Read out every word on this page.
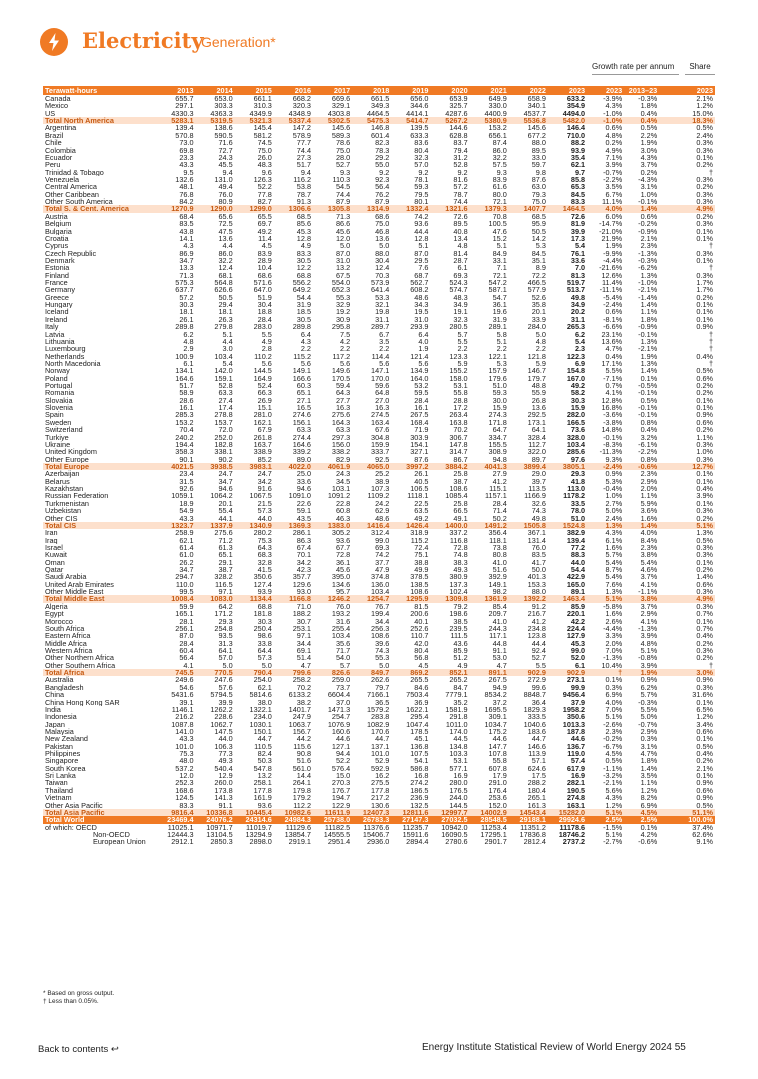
Electricity
Generation*
Growth rate per annum	Share
Terawatt-hours	2013	2014	2015	2016	2017	2018	2019	2020	2021	2022	2023	2023	2013–23	2023
Canada	655.7	653.0	661.1	668.2	669.6	661.5	656.0	653.9	649.9	658.9	633.2	-3.9%	-0.3%	2.1%
Mexico	297.1	303.3	310.3	320.3	329.1	349.3	344.6	325.7	330.0	340.1	354.9	4.3%	1.8%	1.2%
US	4330.3	4363.3	4349.9	4348.9	4303.8	4464.5	4414.1	4287.6	4400.9	4537.7	4494.0	-1.0%	0.4%	15.0%
Total North America	5283.1	5319.5	5321.3	5337.4	5302.5	5475.3	5414.7	5267.2	5380.9	5536.8	5482.0	-1.0%	0.4%	18.3%
Argentina	139.4	138.6	145.4	147.2	145.6	146.8	139.5	144.6	153.2	145.6	146.4	0.6%	0.5%	0.5%
Brazil	570.8	590.5	581.2	578.9	589.3	601.4	633.3	628.8	656.1	677.2	710.0	4.8%	2.2%	2.4%
Chile	73.0	71.6	74.5	77.7	78.6	82.3	83.6	83.7	87.4	88.0	88.2	0.2%	1.9%	0.3%
Colombia	69.8	72.7	75.0	74.4	75.0	78.3	80.4	79.4	86.0	89.5	93.9	4.9%	3.0%	0.3%
Ecuador	23.3	24.3	26.0	27.3	28.0	29.2	32.3	31.2	32.2	33.0	35.4	7.1%	4.3%	0.1%
Peru	43.3	45.5	48.3	51.7	52.7	55.0	57.0	52.8	57.5	59.7	62.1	3.9%	3.7%	0.2%
Trinidad & Tobago	9.5	9.4	9.6	9.4	9.3	9.2	9.2	9.2	9.3	9.8	9.7	-0.7%	0.2%	†
Venezuela	132.6	131.0	126.3	116.2	110.3	92.3	78.1	81.6	83.9	87.6	85.8	-2.2%	-4.3%	0.3%
Central America	48.1	49.4	52.2	53.8	54.5	56.4	59.3	57.2	61.6	63.0	65.3	3.5%	3.1%	0.2%
Other Caribbean	76.8	76.0	77.8	78.7	74.4	76.2	79.5	78.7	80.0	79.3	84.5	6.7%	1.0%	0.3%
Other South America	84.2	80.9	82.7	91.3	87.9	87.9	80.1	74.4	72.1	75.0	83.3	11.1%	-0.1%	0.3%
Total S. & Cent. America	1270.9	1290.0	1299.0	1306.6	1305.8	1314.9	1332.4	1321.6	1379.3	1407.7	1464.5	4.0%	1.4%	4.9%
Austria	68.4	65.6	65.5	68.5	71.3	68.6	74.2	72.6	70.8	68.5	72.6	6.0%	0.6%	0.2%
Belgium	83.5	72.5	69.7	85.6	86.6	75.0	93.6	89.5	100.5	95.9	81.9	-14.7%	-0.2%	0.3%
Bulgaria	43.8	47.5	49.2	45.3	45.6	46.8	44.4	40.8	47.6	50.5	39.9	-21.0%	-0.9%	0.1%
Croatia	14.1	13.6	11.4	12.8	12.0	13.6	12.8	13.4	15.2	14.2	17.3	21.9%	2.1%	0.1%
Cyprus	4.3	4.4	4.5	4.9	5.0	5.0	5.1	4.8	5.1	5.3	5.4	1.9%	2.3%	†
Czech Republic	86.9	86.0	83.9	83.3	87.0	88.0	87.0	81.4	84.9	84.5	76.1	-9.9%	-1.3%	0.3%
Denmark	34.7	32.2	28.9	30.5	31.0	30.4	29.5	28.7	33.1	35.1	33.6	-4.4%	-0.3%	0.1%
Estonia	13.3	12.4	10.4	12.2	13.2	12.4	7.6	6.1	7.1	8.9	7.0	-21.6%	-6.2%	†
Finland	71.3	68.1	68.6	68.8	67.5	70.3	68.7	69.3	72.1	72.2	81.3	12.6%	1.3%	0.3%
France	575.3	564.8	571.6	556.2	554.0	573.9	562.7	524.3	547.2	466.5	519.7	11.4%	-1.0%	1.7%
Germany	637.7	626.6	647.0	649.2	652.3	641.4	608.2	574.7	587.1	577.9	513.7	-11.1%	-2.1%	1.7%
Greece	57.2	50.5	51.9	54.4	55.3	53.3	48.6	48.3	54.7	52.6	49.8	-5.4%	-1.4%	0.2%
Hungary	30.3	29.4	30.4	31.9	32.9	32.1	34.3	34.9	36.1	35.8	34.9	-2.4%	1.4%	0.1%
Iceland	18.1	18.1	18.8	18.5	19.2	19.8	19.5	19.1	19.6	20.1	20.2	0.6%	1.1%	0.1%
Ireland	26.1	26.3	28.4	30.5	30.9	31.1	31.0	32.3	31.9	33.9	31.1	-8.1%	1.8%	0.1%
Italy	289.8	279.8	283.0	289.8	295.8	289.7	293.9	280.5	289.1	284.0	265.3	-6.6%	-0.9%	0.9%
Latvia	6.2	5.1	5.5	6.4	7.5	6.7	6.4	5.7	5.8	5.0	6.2	23.1%	-0.1%	†
Lithuania	4.8	4.4	4.9	4.3	4.2	3.5	4.0	5.5	5.1	4.8	5.4	13.6%	1.3%	†
Luxembourg	2.9	3.0	2.8	2.2	2.2	2.2	1.9	2.2	2.2	2.2	2.3	4.7%	-2.1%	†
Netherlands	100.9	103.4	110.2	115.2	117.2	114.4	121.4	123.3	122.1	121.8	122.3	0.4%	1.9%	0.4%
North Macedonia	6.1	5.4	5.6	5.6	5.6	5.6	5.6	5.9	5.3	5.9	6.9	17.1%	1.3%	†
Norway	134.1	142.0	144.5	149.1	149.6	147.1	134.9	155.2	157.9	146.7	154.8	5.5%	1.4%	0.5%
Poland	164.6	159.1	164.9	166.6	170.5	170.0	164.0	158.0	179.6	179.7	167.0	-7.1%	0.1%	0.6%
Portugal	51.7	52.8	52.4	60.3	59.4	59.6	53.2	53.1	51.0	48.8	49.2	0.7%	-0.5%	0.2%
Romania	58.9	63.3	66.3	65.1	64.3	64.8	59.5	55.8	59.3	55.9	58.2	4.1%	-0.1%	0.2%
Slovakia	28.6	27.4	26.9	27.1	27.7	27.0	28.4	28.8	30.0	26.8	30.3	12.8%	0.5%	0.1%
Slovenia	16.1	17.4	15.1	16.5	16.3	16.3	16.1	17.2	15.9	13.6	15.9	16.8%	-0.1%	0.1%
Spain	285.3	278.8	281.0	274.6	275.6	274.5	267.5	263.4	274.3	292.5	282.0	-3.6%	-0.1%	0.9%
Sweden	153.2	153.7	162.1	156.1	164.3	163.4	168.4	163.8	171.8	173.1	166.5	-3.8%	0.8%	0.6%
Switzerland	70.4	72.0	67.9	63.3	63.3	67.6	71.9	70.2	64.7	64.1	73.6	14.8%	0.4%	0.2%
Turkiye	240.2	252.0	261.8	274.4	297.3	304.8	303.9	306.7	334.7	328.4	328.0	-0.1%	3.2%	1.1%
Ukraine	194.4	182.8	163.7	164.6	156.0	159.9	154.1	147.8	155.5	112.7	103.4	-8.3%	-6.1%	0.3%
United Kingdom	358.3	338.1	338.9	339.2	338.2	333.7	327.1	314.7	308.9	322.0	285.6	-11.3%	-2.2%	1.0%
Other Europe	90.1	90.2	85.2	89.0	82.9	92.5	87.6	86.7	94.8	89.7	97.6	9.3%	0.8%	0.3%
Total Europe	4021.5	3938.5	3983.1	4022.0	4061.9	4065.0	3997.2	3884.2	4041.3	3899.4	3805.1	-2.4%	-0.6%	12.7%
Azerbaijan	23.4	24.7	24.7	25.0	24.3	25.2	26.1	25.8	27.9	29.0	29.3	0.9%	2.3%	0.1%
Belarus	31.5	34.7	34.2	33.6	34.5	38.9	40.5	38.7	41.2	39.7	41.8	5.3%	2.9%	0.1%
Kazakhstan	92.6	94.6	91.6	94.6	103.1	107.3	106.5	108.6	115.1	113.5	113.0	-0.4%	2.0%	0.4%
Russian Federation	1059.1	1064.2	1067.5	1091.0	1091.2	1109.2	1118.1	1085.4	1157.1	1166.9	1178.2	1.0%	1.1%	3.9%
Turkmenistan	18.9	20.1	21.5	22.6	22.8	24.2	22.5	25.8	28.4	32.6	33.5	2.7%	5.9%	0.1%
Uzbekistan	54.9	55.4	57.3	59.1	60.8	62.9	63.5	66.5	71.4	74.3	78.0	5.0%	3.6%	0.3%
Other CIS	43.3	44.1	44.0	43.5	46.3	48.6	49.2	49.1	50.2	49.8	51.0	2.4%	1.6%	0.2%
Total CIS	1323.7	1337.9	1340.9	1369.3	1383.0	1416.4	1426.4	1400.0	1491.2	1505.8	1524.8	1.3%	1.4%	5.1%
Iran	258.9	275.6	280.2	286.1	305.2	312.4	318.9	337.2	356.4	367.1	382.9	4.3%	4.0%	1.3%
Iraq	62.1	71.2	75.3	86.3	93.6	99.0	115.2	116.8	118.1	131.4	139.4	6.1%	8.4%	0.5%
Israel	61.4	61.3	64.3	67.4	67.7	69.3	72.4	72.8	73.8	76.0	77.2	1.6%	2.3%	0.3%
Kuwait	61.0	65.1	68.3	70.1	72.8	74.2	75.1	74.8	80.8	83.5	88.3	5.7%	3.8%	0.3%
Oman	26.2	29.1	32.8	34.2	36.1	37.7	38.8	38.3	41.0	41.7	44.0	5.4%	5.4%	0.1%
Qatar	34.7	38.7	41.5	42.3	45.6	47.9	49.9	49.3	51.6	50.0	54.4	8.7%	4.6%	0.2%
Saudi Arabia	294.7	328.2	350.6	357.7	395.0	374.8	378.5	380.9	392.9	401.3	422.9	5.4%	3.7%	1.4%
United Arab Emirates	110.0	116.5	127.4	129.6	134.6	136.0	138.5	137.3	149.1	153.3	165.0	7.6%	4.1%	0.6%
Other Middle East	99.5	97.1	93.9	93.0	95.7	103.4	108.6	102.4	98.2	88.0	89.1	1.3%	-1.1%	0.3%
Total Middle East	1008.4	1083.0	1134.4	1166.8	1246.2	1254.7	1295.9	1309.8	1361.9	1392.2	1463.4	5.1%	3.8%	4.9%
Algeria	59.9	64.2	68.8	71.0	76.0	76.7	81.5	79.2	85.4	91.2	85.9	-5.8%	3.7%	0.3%
Egypt	165.1	171.2	181.8	188.2	193.2	199.4	200.6	198.6	209.7	216.7	220.1	1.6%	2.9%	0.7%
Morocco	28.1	29.3	30.3	30.7	31.6	34.4	40.1	38.5	41.0	41.2	42.2	2.6%	4.1%	0.1%
South Africa	256.1	254.8	250.4	253.1	255.4	256.3	252.6	239.5	244.3	234.8	224.4	-4.4%	-1.3%	0.7%
Eastern Africa	87.0	93.5	98.6	97.1	103.4	108.6	110.7	111.5	117.1	123.8	127.9	3.3%	3.9%	0.4%
Middle Africa	28.4	31.3	33.8	34.4	35.6	39.6	42.0	43.6	44.8	44.4	45.3	2.0%	4.8%	0.2%
Western Africa	60.4	64.1	64.4	69.1	71.7	74.3	80.4	85.9	91.1	92.4	99.0	7.0%	5.1%	0.3%
Other Northern Africa	56.4	57.0	57.3	51.4	54.0	55.3	56.8	51.2	53.0	52.7	52.0	-1.3%	-0.8%	0.2%
Other Southern Africa	4.1	5.0	5.0	4.7	5.7	5.0	4.5	4.9	4.7	5.5	6.1	10.4%	3.9%	†
Total Africa	745.5	770.5	790.4	799.6	826.6	849.7	869.2	852.1	891.1	902.9	902.9	†	1.9%	3.0%
Australia	249.6	247.6	254.0	258.2	259.0	262.6	265.5	265.2	267.5	272.9	273.1	0.1%	0.9%	0.9%
Bangladesh	54.6	57.6	62.1	70.2	73.7	79.7	84.6	84.7	94.9	99.6	99.9	0.3%	6.2%	0.3%
China	5431.6	5794.5	5814.6	6133.2	6604.4	7166.1	7503.4	7779.1	8534.2	8848.7	9456.4	6.9%	5.7%	31.6%
China Hong Kong SAR	39.1	39.9	38.0	38.2	37.0	36.5	36.9	35.2	37.2	36.4	37.9	4.0%	-0.3%	0.1%
India	1146.1	1262.2	1322.1	1401.7	1471.3	1579.2	1622.1	1581.9	1695.5	1829.3	1958.2	7.0%	5.5%	6.5%
Indonesia	216.2	228.6	234.0	247.9	254.7	283.8	295.4	291.8	309.1	333.5	350.6	5.1%	5.0%	1.2%
Japan	1087.8	1062.7	1030.1	1063.7	1076.9	1082.9	1047.4	1011.0	1034.7	1040.6	1013.3	-2.6%	-0.7%	3.4%
Malaysia	141.0	147.5	150.1	156.7	160.6	170.6	178.5	174.0	175.2	183.6	187.8	2.3%	2.9%	0.6%
New Zealand	43.3	44.0	44.7	44.2	44.6	44.7	45.1	44.5	44.6	44.7	44.6	-0.2%	0.3%	0.1%
Pakistan	101.0	106.3	110.5	115.6	127.1	137.1	136.8	134.8	147.7	146.6	136.7	-6.7%	3.1%	0.5%
Philippines	75.3	77.3	82.4	90.8	94.4	101.0	107.5	103.3	107.8	113.9	119.0	4.5%	4.7%	0.4%
Singapore	48.0	49.3	50.3	51.6	52.2	52.9	54.1	53.1	55.8	57.1	57.4	0.5%	1.8%	0.2%
South Korea	537.2	540.4	547.8	561.0	576.4	592.9	586.8	577.1	607.8	624.6	617.9	-1.1%	1.4%	2.1%
Sri Lanka	12.0	12.9	13.2	14.4	15.0	16.2	16.8	16.9	17.9	17.5	16.9	-3.2%	3.5%	0.1%
Taiwan	252.3	260.0	258.1	264.1	270.3	275.5	274.2	280.0	291.0	288.2	282.1	-2.1%	1.1%	0.9%
Thailand	168.6	173.8	177.8	179.8	176.7	177.8	186.5	176.5	176.4	180.4	190.5	5.6%	1.2%	0.6%
Vietnam	124.5	141.3	161.9	179.2	194.7	217.2	236.9	244.0	253.6	265.1	274.8	4.3%	8.2%	0.9%
Other Asia Pacific	83.3	91.1	93.6	112.2	122.9	130.6	132.5	144.5	152.0	161.3	163.1	1.2%	6.9%	0.5%
Total Asia Pacific	9816.4	10336.8	10445.4	10982.6	11611.9	12407.3	12811.6	12997.7	14002.9	14543.4	15282.0	5.1%	4.5%	51.1%
Total World	23469.4	24076.2	24314.6	24984.3	25738.0	26783.3	27147.3	27032.5	28548.5	29188.1	29924.6	2.5%	2.5%	100.0%
of which: OECD	11025.1	10971.7	11019.7	11129.6	11182.5	11376.6	11235.7	10942.0	11253.4	11351.2	11178.6	-1.5%	0.1%	37.4%
Non-OECD	12444.3	13104.5	13294.9	13854.7	14555.5	15406.7	15911.6	16090.5	17295.1	17836.8	18746.2	5.1%	4.2%	62.6%
European Union	2912.1	2850.3	2898.0	2919.1	2951.4	2936.0	2894.4	2780.6	2901.7	2812.4	2737.2	-2.7%	-0.6%	9.1%
* Based on gross output.
† Less than 0.05%.
Back to contents ↩	Energy Institute Statistical Review of World Energy 2024 55
